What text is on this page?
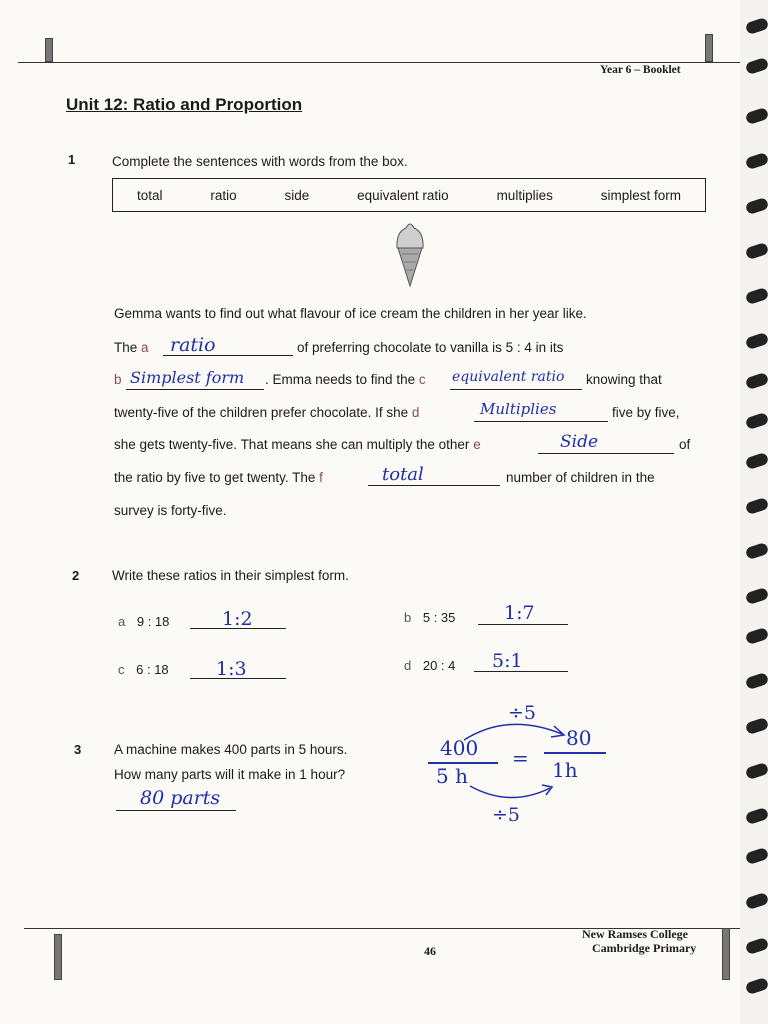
Year 6 – Booklet
Unit 12: Ratio and Proportion
1	Complete the sentences with words from the box.
total	ratio	side	equivalent ratio	multiplies	simplest form
Gemma wants to find out what flavour of ice cream the children in her year like.
The a ratio	of preferring chocolate to vanilla is 5 : 4 in its
b Simplest form . Emma needs to find the c equivalent ratio knowing that
twenty-five of the children prefer chocolate. If she d	Multiplies	five by five,
she gets twenty-five. That means she can multiply the other e	Side	of
the ratio by five to get twenty. The f	total	number of children in the
survey is forty-five.
2 Write these ratios in their simplest form.
a 9 : 18	1:2	b 5 : 35	1:7
c 6 : 18 1:3	d 20 : 4 5:1
3 A machine makes 400 parts in 5 hours.
How many parts will it make in 1 hour?
80 parts
÷5
400
5 h
=
80
1h
÷5
46
New Ramses College
Cambridge Primary
